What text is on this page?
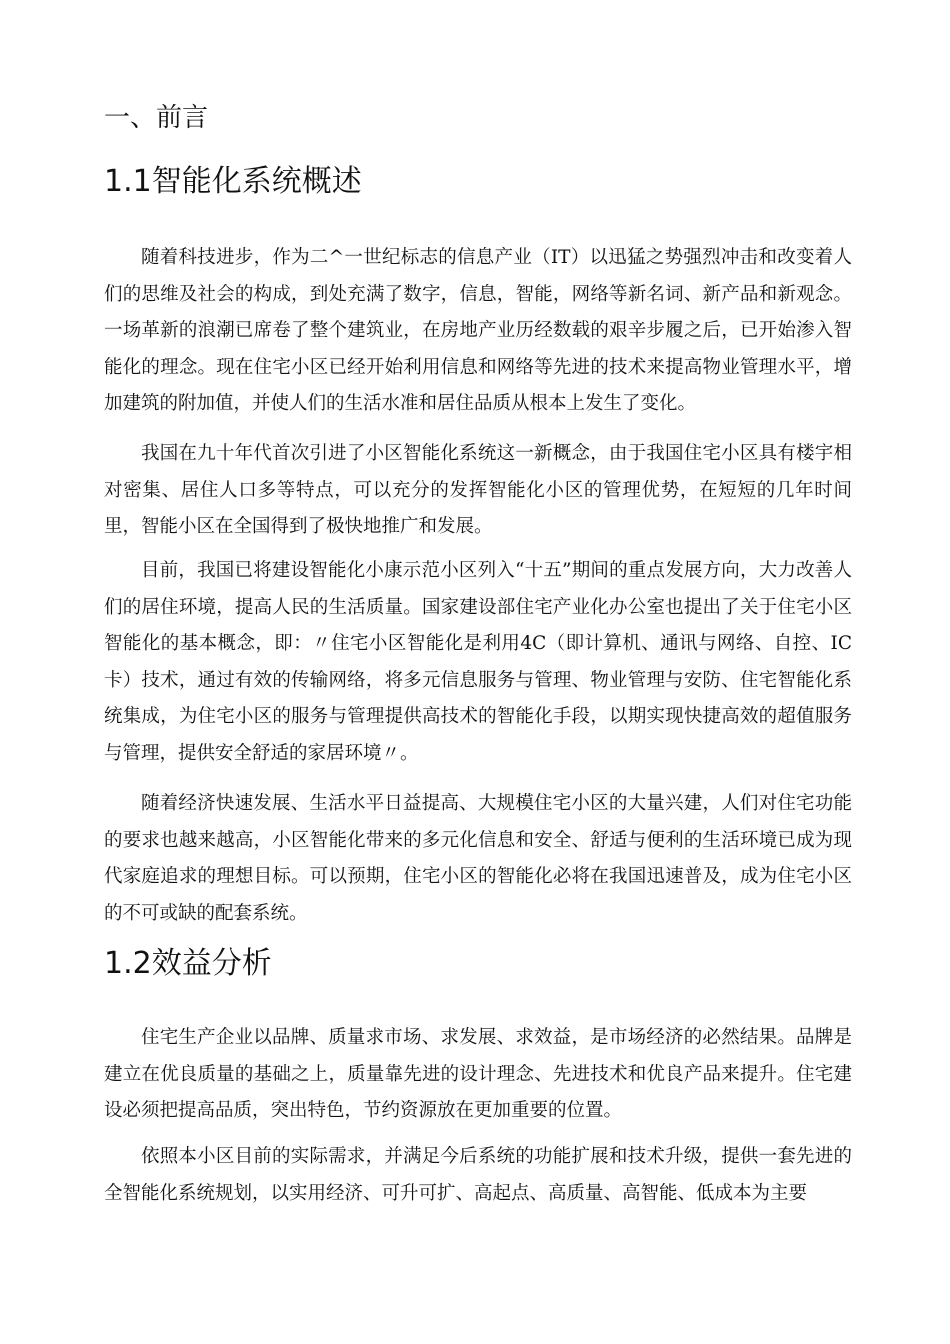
一、前言
1.1智能化系统概述

随着科技进步，作为二^一世纪标志的信息产业（IT）以迅猛之势强烈冲击和改变着人们的思维及社会的构成，到处充满了数字，信息，智能，网络等新名词、新产品和新观念。一场革新的浪潮已席卷了整个建筑业，在房地产业历经数载的艰辛步履之后，已开始渗入智能化的理念。现在住宅小区已经开始利用信息和网络等先进的技术来提高物业管理水平，增加建筑的附加值，并使人们的生活水准和居住品质从根本上发生了变化。

我国在九十年代首次引进了小区智能化系统这一新概念，由于我国住宅小区具有楼宇相对密集、居住人口多等特点，可以充分的发挥智能化小区的管理优势，在短短的几年时间里，智能小区在全国得到了极快地推广和发展。

目前，我国已将建设智能化小康示范小区列入“十五”期间的重点发展方向，大力改善人们的居住环境，提高人民的生活质量。国家建设部住宅产业化办公室也提出了关于住宅小区智能化的基本概念，即：〃住宅小区智能化是利用4C（即计算机、通讯与网络、自控、IC卡）技术，通过有效的传输网络，将多元信息服务与管理、物业管理与安防、住宅智能化系统集成，为住宅小区的服务与管理提供高技术的智能化手段，以期实现快捷高效的超值服务与管理，提供安全舒适的家居环境〃。

随着经济快速发展、生活水平日益提高、大规模住宅小区的大量兴建，人们对住宅功能的要求也越来越高，小区智能化带来的多元化信息和安全、舒适与便利的生活环境已成为现代家庭追求的理想目标。可以预期，住宅小区的智能化必将在我国迅速普及，成为住宅小区的不可或缺的配套系统。

1.2效益分析

住宅生产企业以品牌、质量求市场、求发展、求效益，是市场经济的必然结果。品牌是建立在优良质量的基础之上，质量靠先进的设计理念、先进技术和优良产品来提升。住宅建设必须把提高品质，突出特色，节约资源放在更加重要的位置。

依照本小区目前的实际需求，并满足今后系统的功能扩展和技术升级，提供一套先进的全智能化系统规划，以实用经济、可升可扩、高起点、高质量、高智能、低成本为主要
